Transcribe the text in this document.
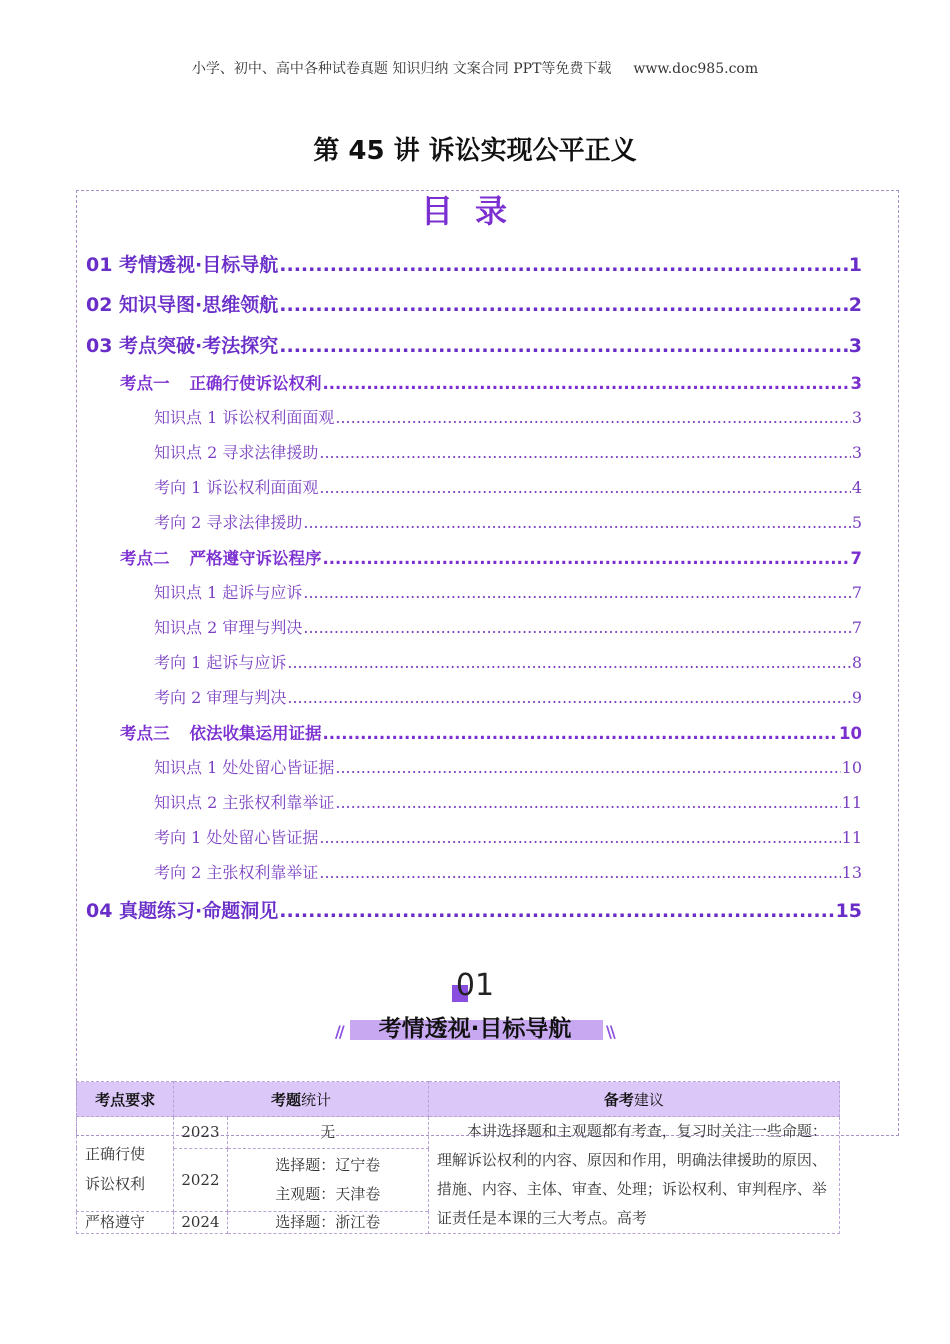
小学、初中、高中各种试卷真题 知识归纳 文案合同 PPT等免费下载 www.doc985.com
第 45 讲 诉讼实现公平正义
目录
01 考情透视·目标导航 .....	1
02 知识导图·思维领航 .....	2
03 考点突破·考法探究 .....	3
考点一 正确行使诉讼权利 .....	3
知识点 1 诉讼权利面面观 .....	3
知识点 2 寻求法律援助 .....	3
考向 1 诉讼权利面面观 .....	4
考向 2 寻求法律援助 .....	5
考点二 严格遵守诉讼程序 .....	7
知识点 1 起诉与应诉 .....	7
知识点 2 审理与判决 .....	7
考向 1 起诉与应诉 .....	8
考向 2 审理与判决 .....	9
考点三 依法收集运用证据 .....	10
知识点 1 处处留心皆证据 .....	10
知识点 2 主张权利靠举证 .....	11
考向 1 处处留心皆证据 .....	11
考向 2 主张权利靠举证 .....	13
04 真题练习·命题洞见 .....	15
01
//	\\
考情透视·目标导航
考点要求	考题统计		备考建议

正确行使诉讼权利	2023	无	本讲选择题和主观题都有考查，复习时关注一些命题：理解诉讼权利的内容、原因和作用，明确法律援助的原因、措施、内容、主体、审查、处理；诉讼权利、审判程序、举证责任是本课的三大考点。高考

	2022	选择题：辽宁卷
主观题：天津卷	

严格遵守	2024	选择题：浙江卷	
